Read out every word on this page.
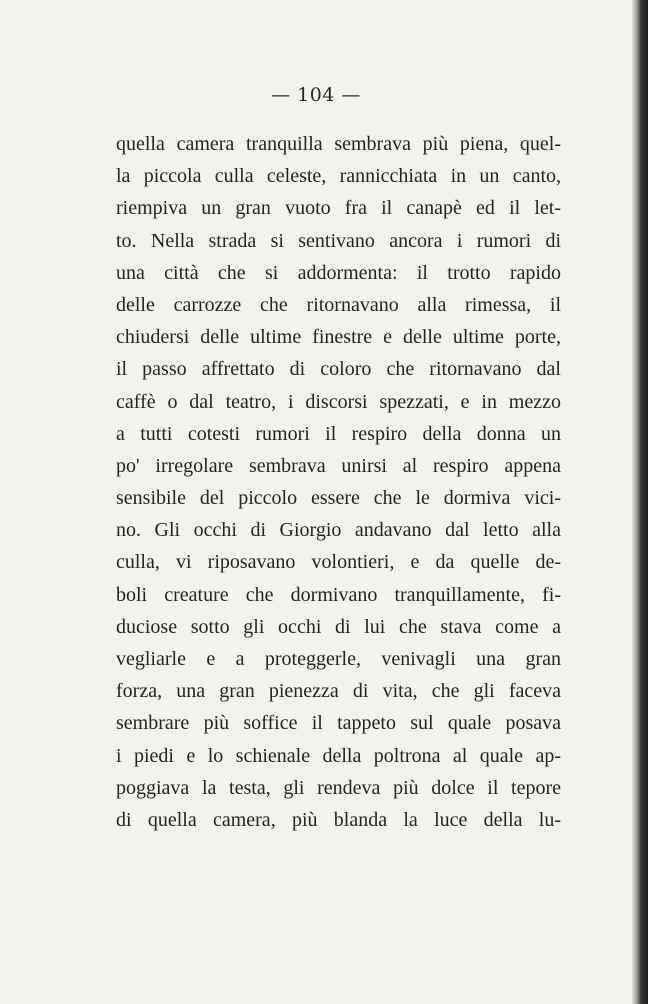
— 104 —
quella camera tranquilla sembrava più piena, quel-
la piccola culla celeste, rannicchiata in un canto,
riempiva un gran vuoto fra il canapè ed il let-
to. Nella strada si sentivano ancora i rumori di
una città che si addormenta: il trotto rapido
delle carrozze che ritornavano alla rimessa, il
chiudersi delle ultime finestre e delle ultime porte,
il passo affrettato di coloro che ritornavano dal
caffè o dal teatro, i discorsi spezzati, e in mezzo
a tutti cotesti rumori il respiro della donna un
po' irregolare sembrava unirsi al respiro appena
sensibile del piccolo essere che le dormiva vici-
no. Gli occhi di Giorgio andavano dal letto alla
culla, vi riposavano volontieri, e da quelle de-
boli creature che dormivano tranquillamente, fi-
duciose sotto gli occhi di lui che stava come a
vegliarle e a proteggerle, venivagli una gran
forza, una gran pienezza di vita, che gli faceva
sembrare più soffice il tappeto sul quale posava
i piedi e lo schienale della poltrona al quale ap-
poggiava la testa, gli rendeva più dolce il tepore
di quella camera, più blanda la luce della lu-
